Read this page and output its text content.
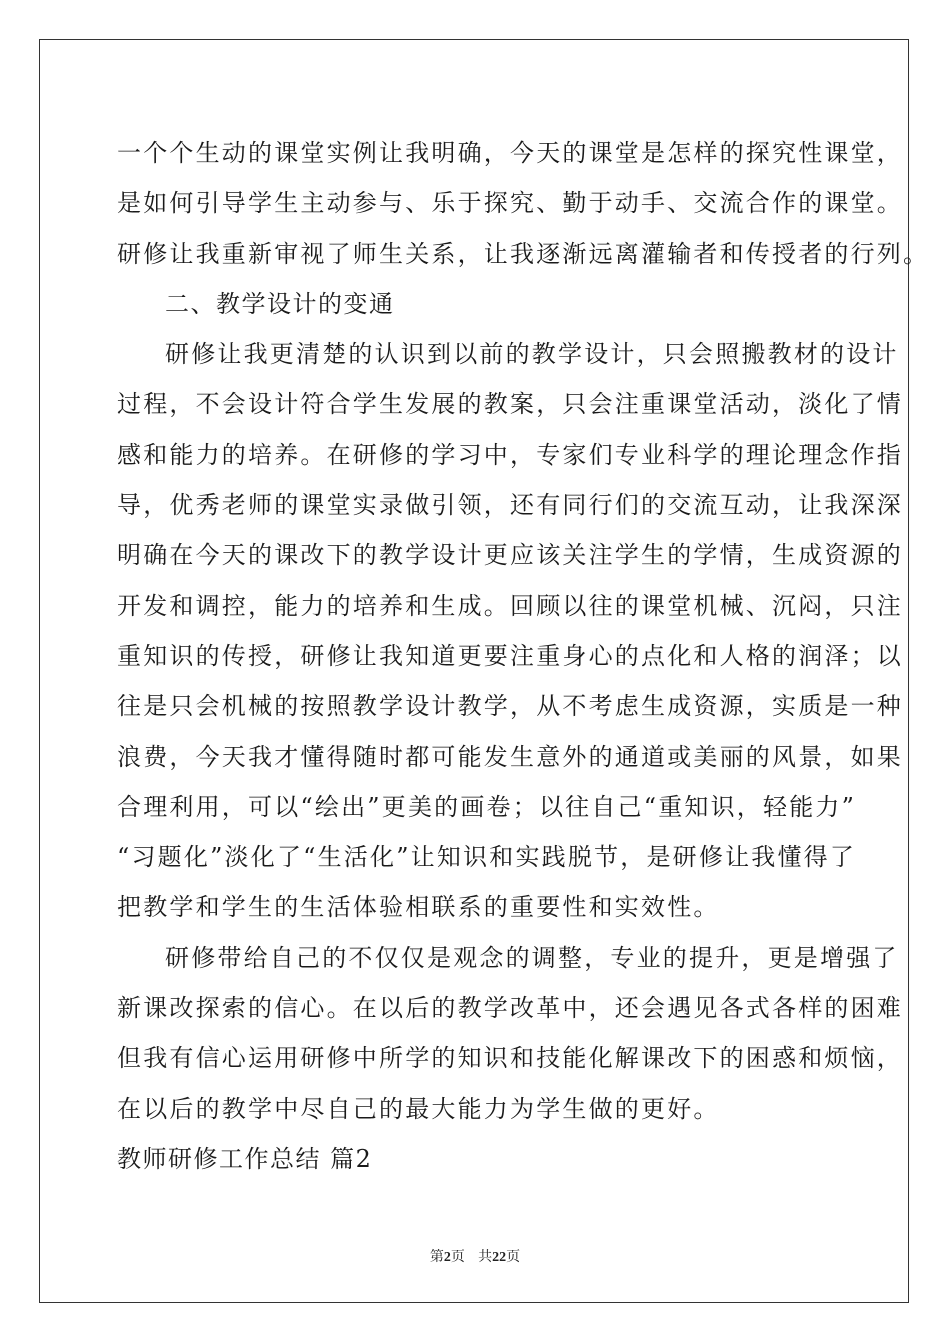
一个个生动的课堂实例让我明确，今天的课堂是怎样的探究性课堂，
是如何引导学生主动参与、乐于探究、勤于动手、交流合作的课堂。
研修让我重新审视了师生关系，让我逐渐远离灌输者和传授者的行列。
二、教学设计的变通
研修让我更清楚的认识到以前的教学设计，只会照搬教材的设计
过程，不会设计符合学生发展的教案，只会注重课堂活动，淡化了情
感和能力的培养。在研修的学习中，专家们专业科学的理论理念作指
导，优秀老师的课堂实录做引领，还有同行们的交流互动，让我深深
明确在今天的课改下的教学设计更应该关注学生的学情，生成资源的
开发和调控，能力的培养和生成。回顾以往的课堂机械、沉闷，只注
重知识的传授，研修让我知道更要注重身心的点化和人格的润泽；以
往是只会机械的按照教学设计教学，从不考虑生成资源，实质是一种
浪费，今天我才懂得随时都可能发生意外的通道或美丽的风景，如果
合理利用，可以“绘出”更美的画卷；以往自己“重知识，轻能力”
“习题化”淡化了“生活化”让知识和实践脱节，是研修让我懂得了
把教学和学生的生活体验相联系的重要性和实效性。
研修带给自己的不仅仅是观念的调整，专业的提升，更是增强了
新课改探索的信心。在以后的教学改革中，还会遇见各式各样的困难
但我有信心运用研修中所学的知识和技能化解课改下的困惑和烦恼，
在以后的教学中尽自己的最大能力为学生做的更好。
教师研修工作总结 篇2
第2页   共22页
